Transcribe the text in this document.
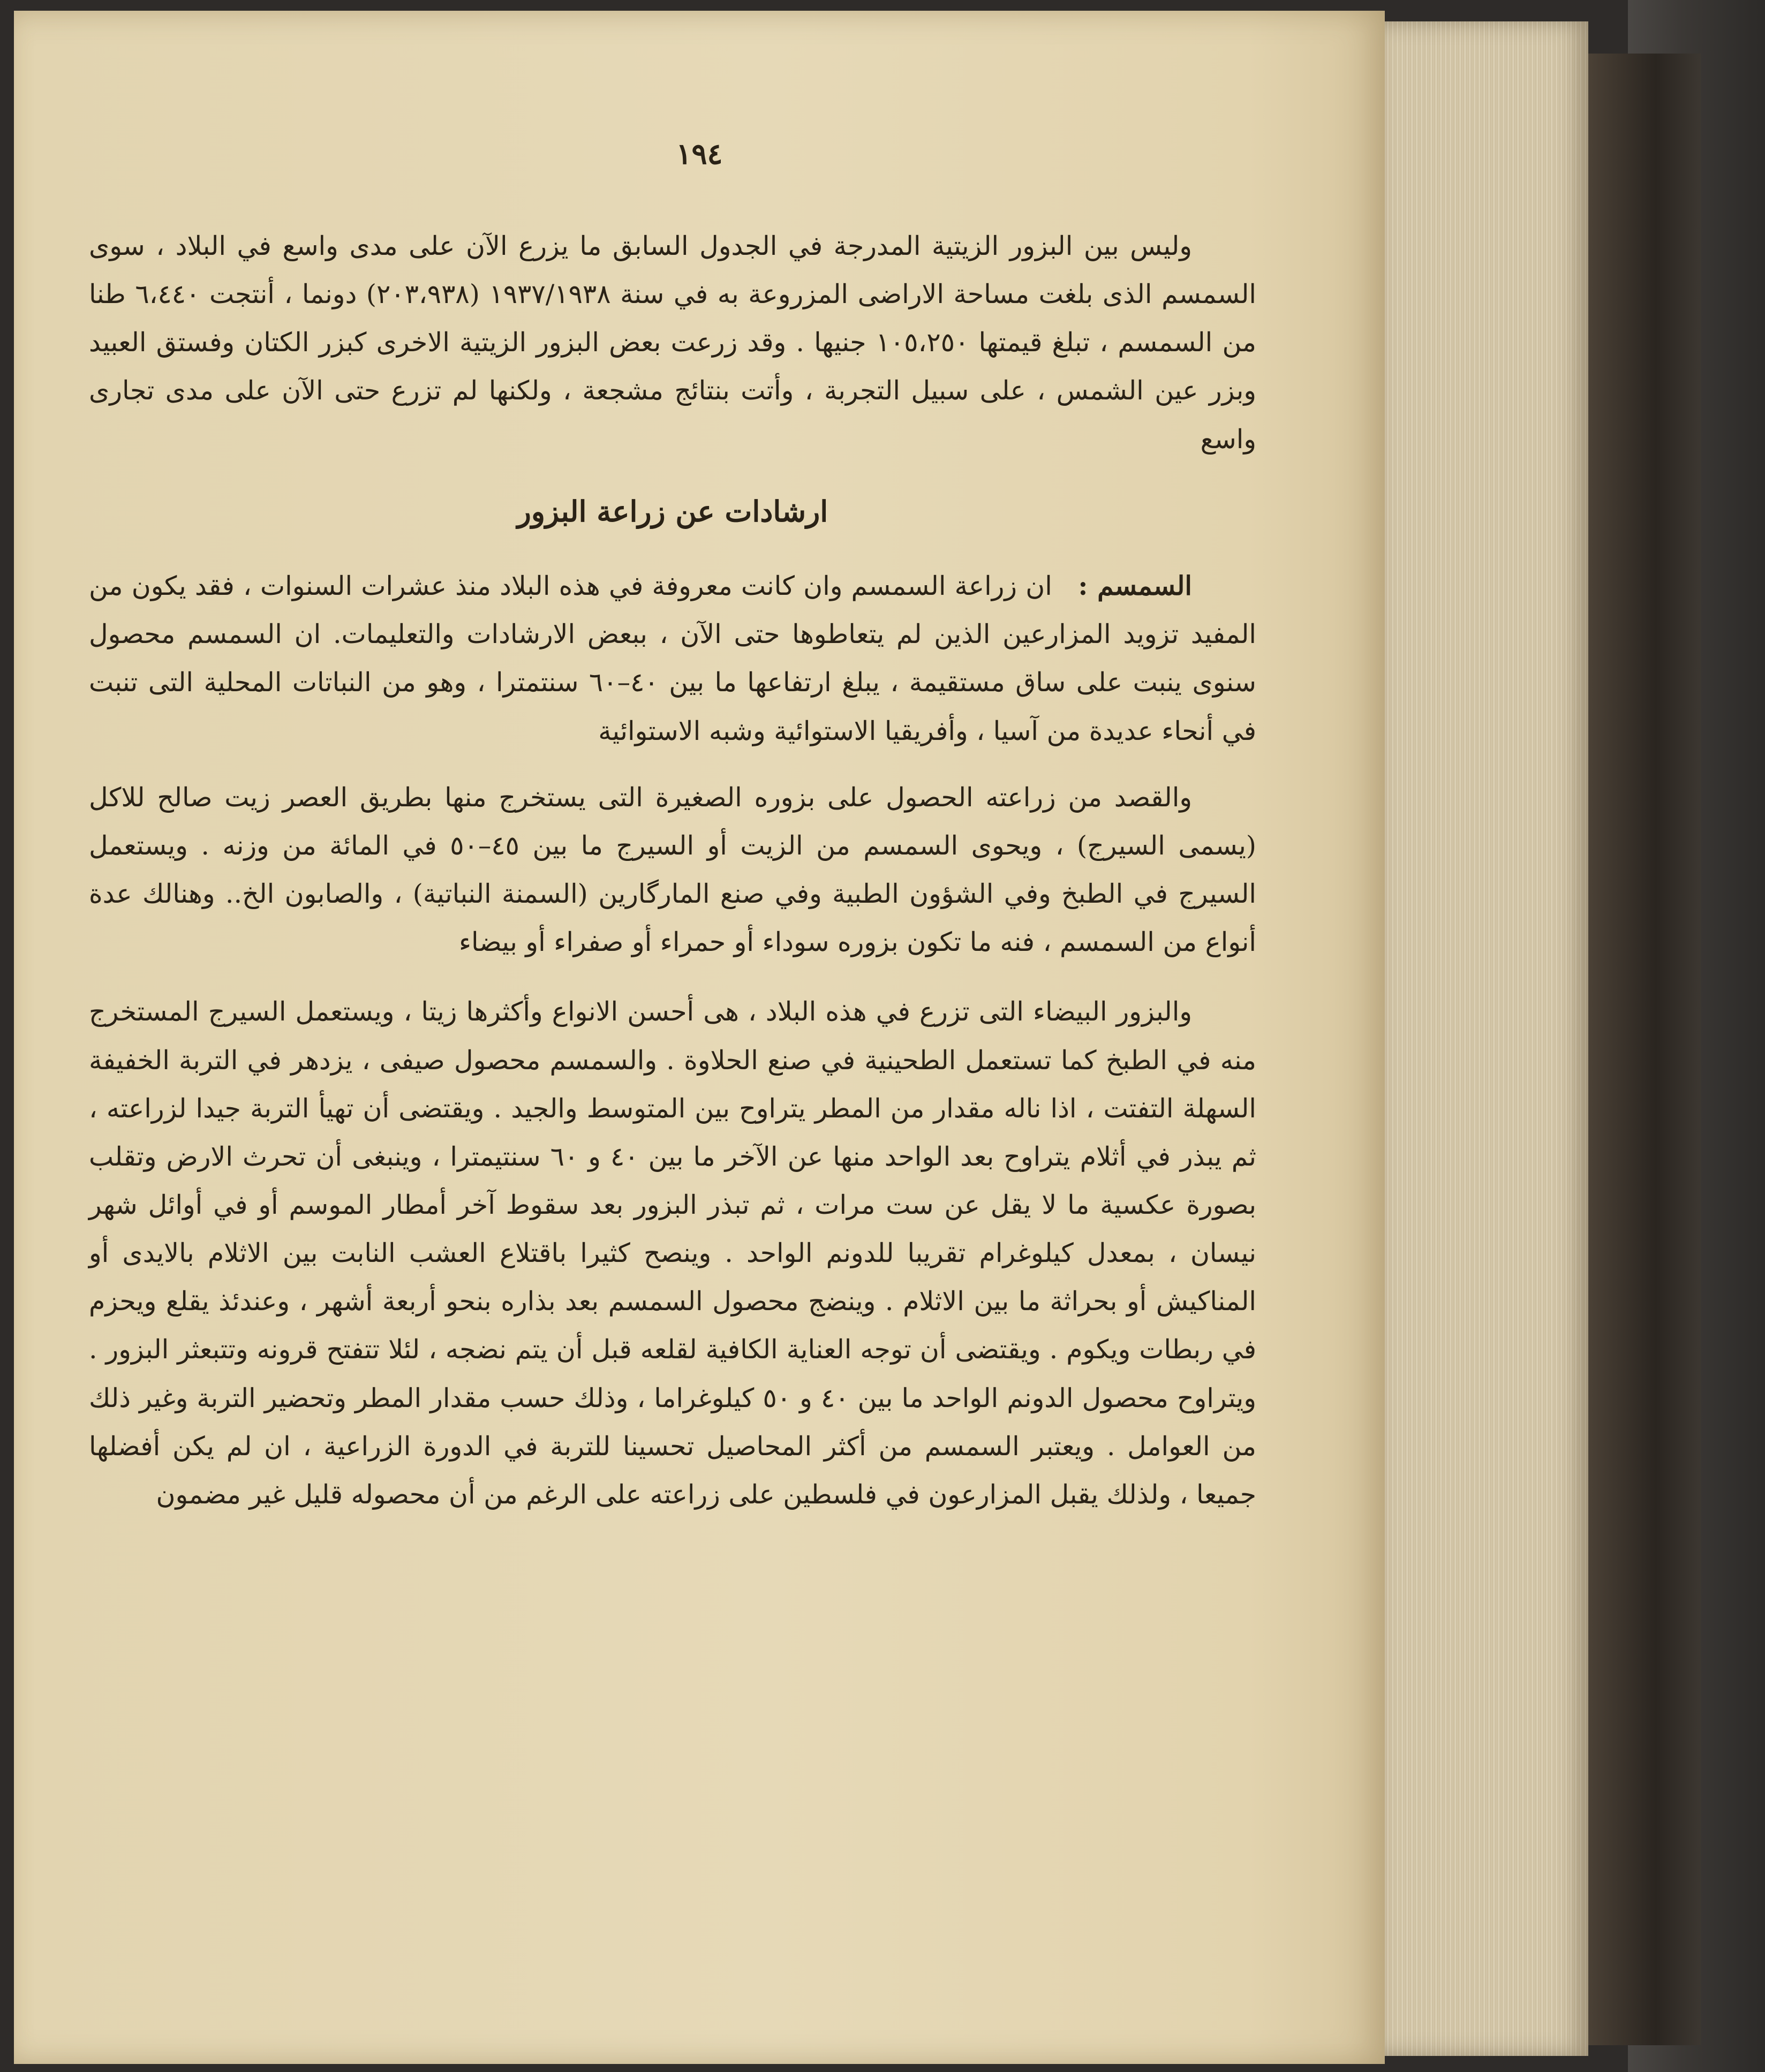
١٩٤

وليس بين البزور الزيتية المدرجة في الجدول السابق ما يزرع الآن على مدى واسع في البلاد ، سوى السمسم الذى بلغت مساحة الاراضى المزروعة به في سنة ١٩٣٧/١٩٣٨ (٢٠٣،٩٣٨) دونما ، أنتجت ٦،٤٤٠ طنا من السمسم ، تبلغ قيمتها ١٠٥،٢٥٠ جنيها . وقد زرعت بعض البزور الزيتية الاخرى كبزر الكتان وفستق العبيد وبزر عين الشمس ، على سبيل التجربة ، وأتت بنتائج مشجعة ، ولكنها لم تزرع حتى الآن على مدى تجارى واسع

ارشادات عن زراعة البزور

السمسم :   ان زراعة السمسم وان كانت معروفة في هذه البلاد منذ عشرات السنوات ، فقد يكون من المفيد تزويد المزارعين الذين لم يتعاطوها حتى الآن ، ببعض الارشادات والتعليمات. ان السمسم محصول سنوى ينبت على ساق مستقيمة ، يبلغ ارتفاعها ما بين ٤٠–٦٠ سنتمترا ، وهو من النباتات المحلية التى تنبت في أنحاء عديدة من آسيا ، وأفريقيا الاستوائية وشبه الاستوائية

والقصد من زراعته الحصول على بزوره الصغيرة التى يستخرج منها بطريق العصر زيت صالح للاكل (يسمى السيرج) ، ويحوى السمسم من الزيت أو السيرج ما بين ٤٥–٥٠ في المائة من وزنه . ويستعمل السيرج في الطبخ وفي الشؤون الطبية وفي صنع المارگارين (السمنة النباتية) ، والصابون الخ.. وهنالك عدة أنواع من السمسم ، فنه ما تكون بزوره سوداء أو حمراء أو صفراء أو بيضاء

والبزور البيضاء التى تزرع في هذه البلاد ، هى أحسن الانواع وأكثرها زيتا ، ويستعمل السيرج المستخرج منه في الطبخ كما تستعمل الطحينية في صنع الحلاوة . والسمسم محصول صيفى ، يزدهر في التربة الخفيفة السهلة التفتت ، اذا ناله مقدار من المطر يتراوح بين المتوسط والجيد . ويقتضى أن تهيأ التربة جيدا لزراعته ، ثم يبذر في أثلام يتراوح بعد الواحد منها عن الآخر ما بين ٤٠ و ٦٠ سنتيمترا ، وينبغى أن تحرث الارض وتقلب بصورة عكسية ما لا يقل عن ست مرات ، ثم تبذر البزور بعد سقوط آخر أمطار الموسم أو في أوائل شهر نيسان ، بمعدل كيلوغرام تقريبا للدونم الواحد . وينصح كثيرا باقتلاع العشب النابت بين الاثلام بالايدى أو المناكيش أو بحراثة ما بين الاثلام . وينضج محصول السمسم بعد بذاره بنحو أربعة أشهر ، وعندئذ يقلع ويحزم في ربطات ويكوم . ويقتضى أن توجه العناية الكافية لقلعه قبل أن يتم نضجه ، لئلا تتفتح قرونه وتتبعثر البزور . ويتراوح محصول الدونم الواحد ما بين ٤٠ و ٥٠ كيلوغراما ، وذلك حسب مقدار المطر وتحضير التربة وغير ذلك من العوامل . ويعتبر السمسم من أكثر المحاصيل تحسينا للتربة في الدورة الزراعية ، ان لم يكن أفضلها جميعا ، ولذلك يقبل المزارعون في فلسطين على زراعته على الرغم من أن محصوله قليل غير مضمون
